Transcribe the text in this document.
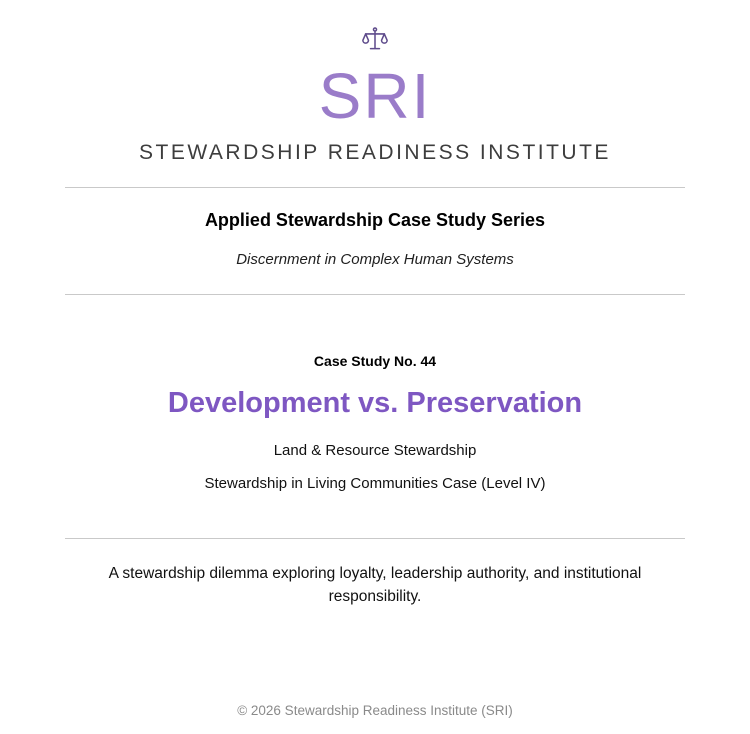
SRI
STEWARDSHIP READINESS INSTITUTE
Applied Stewardship Case Study Series
Discernment in Complex Human Systems
Case Study No. 44
Development vs. Preservation
Land & Resource Stewardship
Stewardship in Living Communities Case (Level IV)
A stewardship dilemma exploring loyalty, leadership authority, and institutional responsibility.
© 2026 Stewardship Readiness Institute (SRI)
